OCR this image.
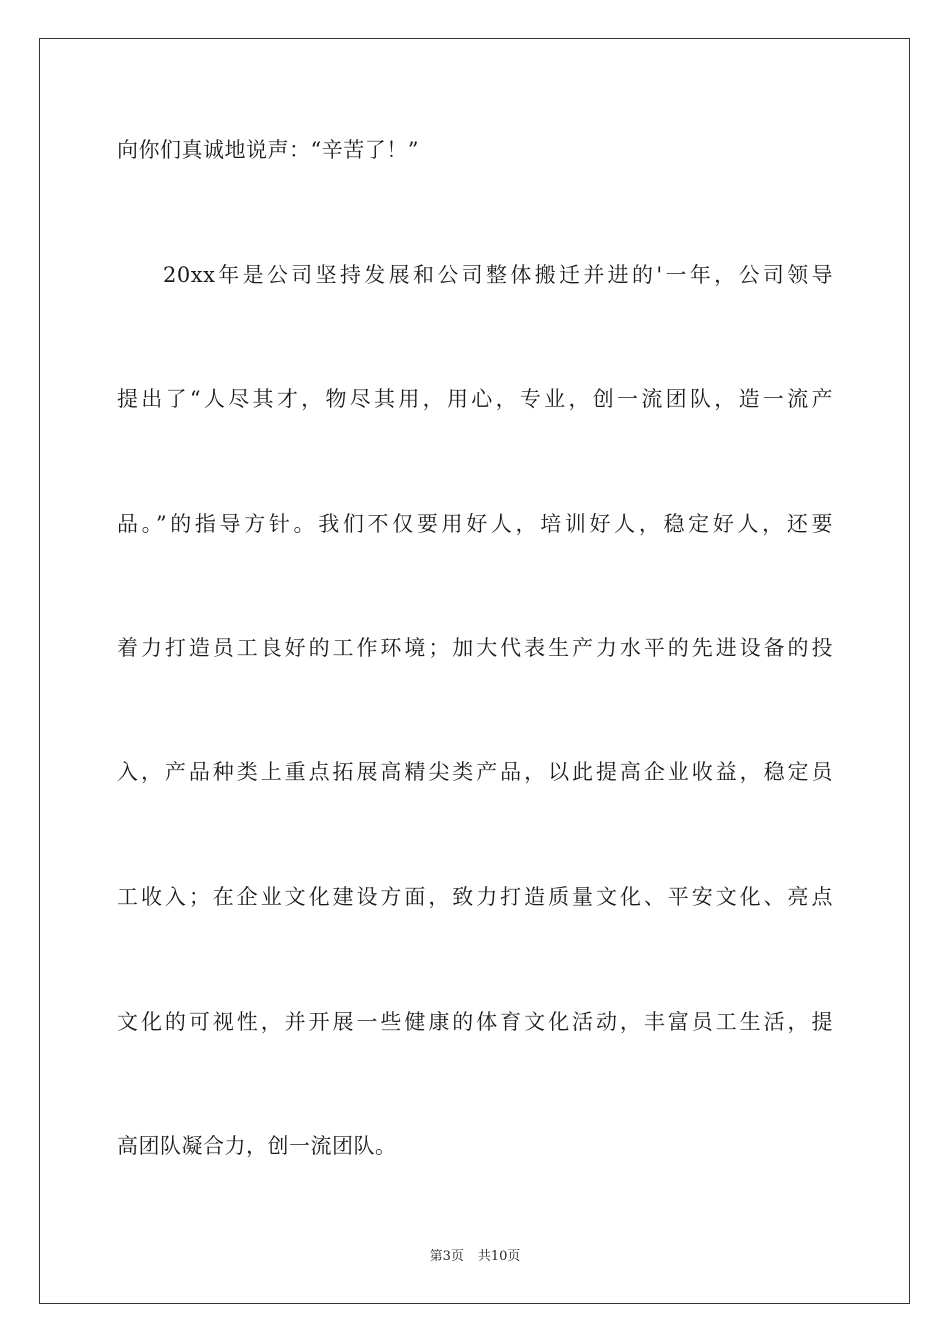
向你们真诚地说声：“辛苦了！”
20xx年是公司坚持发展和公司整体搬迁并进的'一年，公司领导
提出了“人尽其才，物尽其用，用心，专业，创一流团队，造一流产
品。”的指导方针。我们不仅要用好人，培训好人，稳定好人，还要
着力打造员工良好的工作环境；加大代表生产力水平的先进设备的投
入，产品种类上重点拓展高精尖类产品，以此提高企业收益，稳定员
工收入；在企业文化建设方面，致力打造质量文化、平安文化、亮点
文化的可视性，并开展一些健康的体育文化活动，丰富员工生活，提
高团队凝合力，创一流团队。
第3页 共10页
